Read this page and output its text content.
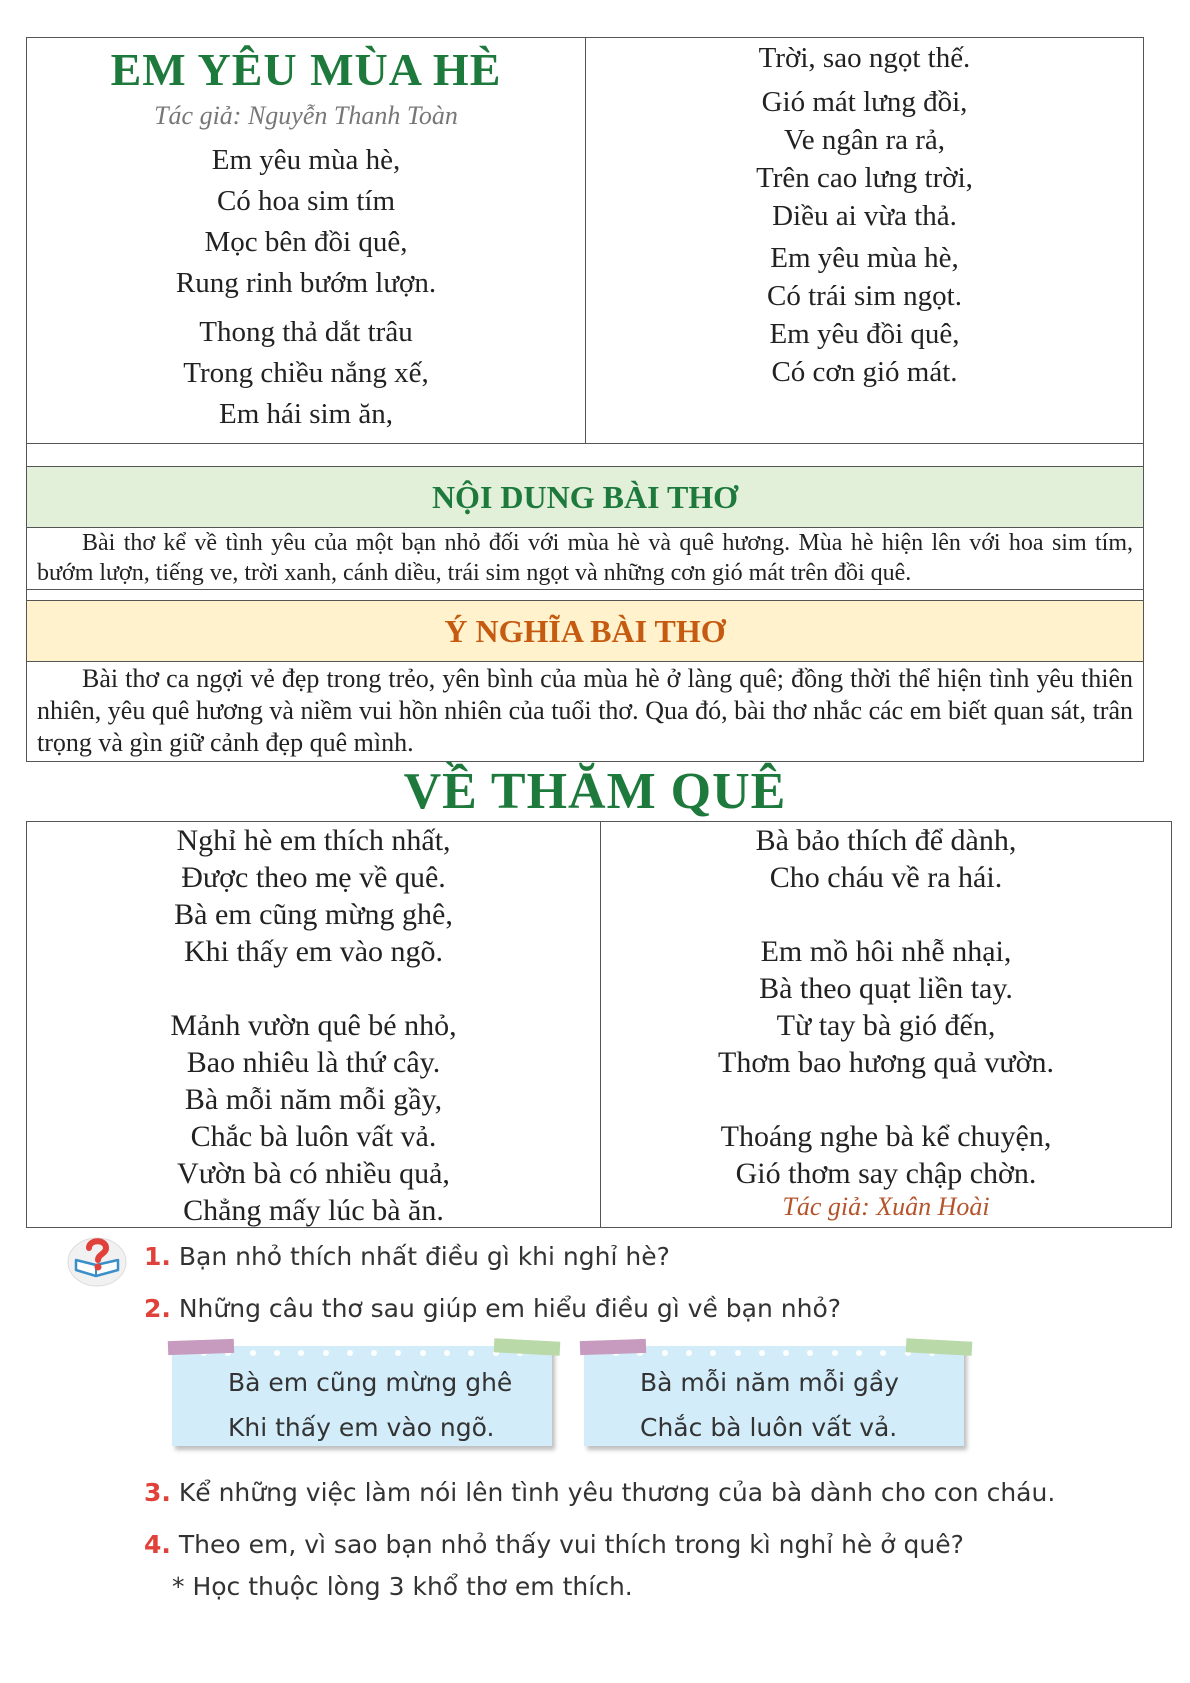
EM YÊU MÙA HÈ
Tác giả: Nguyễn Thanh Toàn
Em yêu mùa hè,
Có hoa sim tím
Mọc bên đồi quê,
Rung rinh bướm lượn.
Thong thả dắt trâu
Trong chiều nắng xế,
Em hái sim ăn,
Trời, sao ngọt thế.
Gió mát lưng đồi,
Ve ngân ra rả,
Trên cao lưng trời,
Diều ai vừa thả.
Em yêu mùa hè,
Có trái sim ngọt.
Em yêu đồi quê,
Có cơn gió mát.
NỘI DUNG BÀI THƠ
Bài thơ kể về tình yêu của một bạn nhỏ đối với mùa hè và quê hương. Mùa hè hiện lên với hoa sim tím, bướm lượn, tiếng ve, trời xanh, cánh diều, trái sim ngọt và những cơn gió mát trên đồi quê.
Ý NGHĨA BÀI THƠ
Bài thơ ca ngợi vẻ đẹp trong trẻo, yên bình của mùa hè ở làng quê; đồng thời thể hiện tình yêu thiên nhiên, yêu quê hương và niềm vui hồn nhiên của tuổi thơ. Qua đó, bài thơ nhắc các em biết quan sát, trân trọng và gìn giữ cảnh đẹp quê mình.
VỀ THĂM QUÊ
Nghỉ hè em thích nhất,
Được theo mẹ về quê.
Bà em cũng mừng ghê,
Khi thấy em vào ngõ.
Mảnh vườn quê bé nhỏ,
Bao nhiêu là thứ cây.
Bà mỗi năm mỗi gầy,
Chắc bà luôn vất vả.
Vườn bà có nhiều quả,
Chẳng mấy lúc bà ăn.
Bà bảo thích để dành,
Cho cháu về ra hái.
Em mồ hôi nhễ nhại,
Bà theo quạt liền tay.
Từ tay bà gió đến,
Thơm bao hương quả vườn.
Thoáng nghe bà kể chuyện,
Gió thơm say chập chờn.
Tác giả: Xuân Hoài
1. Bạn nhỏ thích nhất điều gì khi nghỉ hè?
2. Những câu thơ sau giúp em hiểu điều gì về bạn nhỏ?
Bà em cũng mừng ghê
Khi thấy em vào ngõ.
Bà mỗi năm mỗi gầy
Chắc bà luôn vất vả.
3. Kể những việc làm nói lên tình yêu thương của bà dành cho con cháu.
4. Theo em, vì sao bạn nhỏ thấy vui thích trong kì nghỉ hè ở quê?
* Học thuộc lòng 3 khổ thơ em thích.
